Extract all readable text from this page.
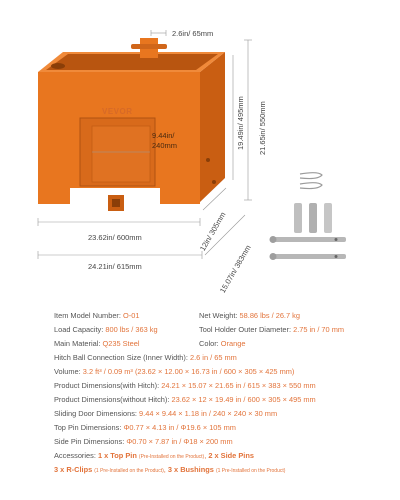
VEVOR
9.44in/
240mm
2.6in/ 65mm
21.65in/ 550mm
19.49in/ 495mm
23.62in/ 600mm
24.21in/ 615mm
12in/ 305mm
15.07in/ 383mm
Item Model Number: O-01	Net Weight: 58.86 lbs / 26.7 kg
Load Capacity: 800 lbs / 363 kg	Tool Holder Outer Diameter: 2.75 in / 70 mm
Main Material: Q235 Steel	Color: Orange
Hitch Ball Connection Size (Inner Width): 2.6 in / 65 mm
Volume: 3.2 ft³ / 0.09 m³ (23.62 × 12.00 × 16.73 in / 600 × 305 × 425 mm)
Product Dimensions(with Hitch): 24.21 × 15.07 × 21.65 in / 615 × 383 × 550 mm
Product Dimensions(without Hitch): 23.62 × 12 × 19.49 in / 600 × 305 × 495 mm
Sliding Door Dimensions: 9.44 × 9.44 × 1.18 in / 240 × 240 × 30 mm
Top Pin Dimensions: Φ0.77 × 4.13 in / Φ19.6 × 105 mm
Side Pin Dimensions: Φ0.70 × 7.87 in / Φ18 × 200 mm
Accessories: 1 x Top Pin (Pre-Installed on the Product), 2 x Side Pins
3 x R-Clips (1 Pre-Installed on the Product), 3 x Bushings (1 Pre-Installed on the Product)
